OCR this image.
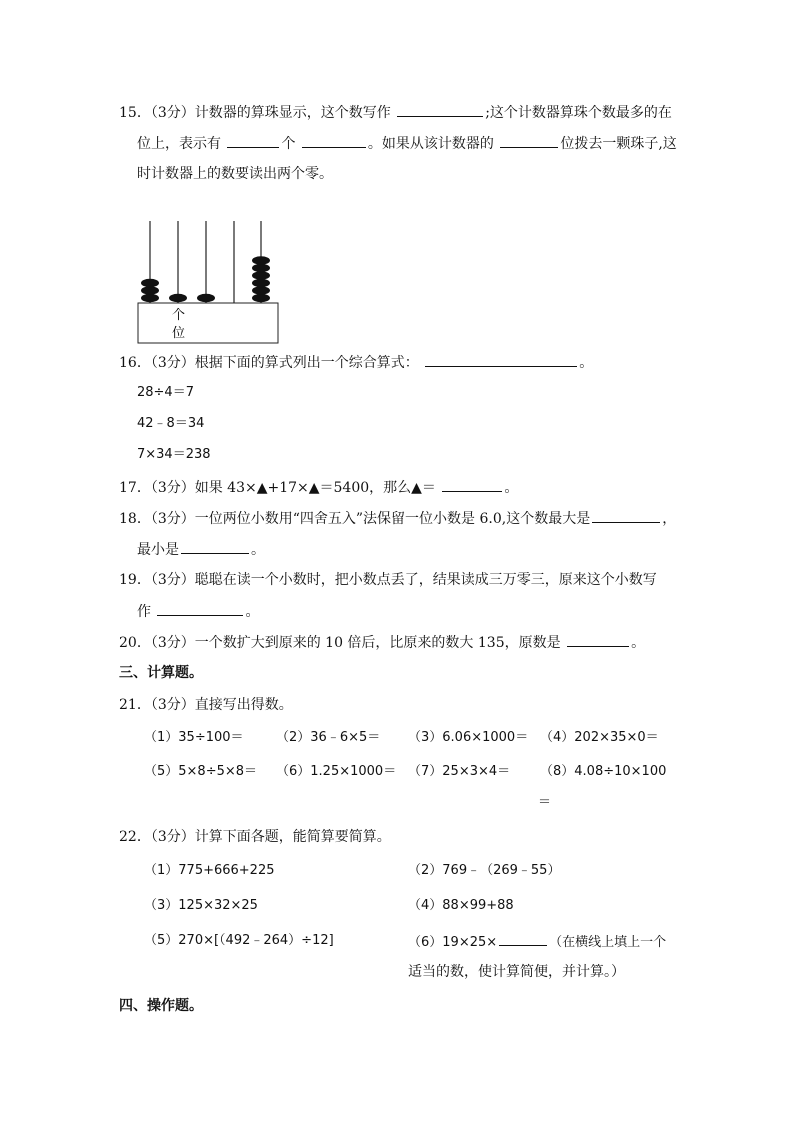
15．（3分）计数器的算珠显示，这个数写作	;这个计数器算珠个数最多的在
位上，表示有	个	。如果从该计数器的	位拨去一颗珠子,这
时计数器上的数要读出两个零。
个
位
16．（3分）根据下面的算式列出一个综合算式：	。
28÷4＝7
42﹣8＝34
7×34＝238
17．（3分）如果 43×▲+17×▲＝5400，那么▲＝	。
18．（3分）一位两位小数用“四舍五入”法保留一位小数是 6.0,这个数最大是	，
最小是	。
19．（3分）聪聪在读一个小数时，把小数点丢了，结果读成三万零三，原来这个小数写
作	。
20．（3分）一个数扩大到原来的 10 倍后，比原来的数大 135，原数是	。
三、计算题。
21．（3分）直接写出得数。
（1）35÷100＝ （2）36﹣6×5＝ （3）6.06×1000＝ （4）202×35×0＝
（5）5×8÷5×8＝ （6）1.25×1000＝ （7）25×3×4＝ （8）4.08÷10×100
＝
22．（3分）计算下面各题，能简算要简算。
（1）775+666+225	（2）769﹣（269﹣55）
（3）125×32×25	（4）88×99+88
（5）270×[（492﹣264）÷12]	（6）19×25×	（在横线上填上一个
适当的数，使计算简便，并计算。）
四、操作题。
